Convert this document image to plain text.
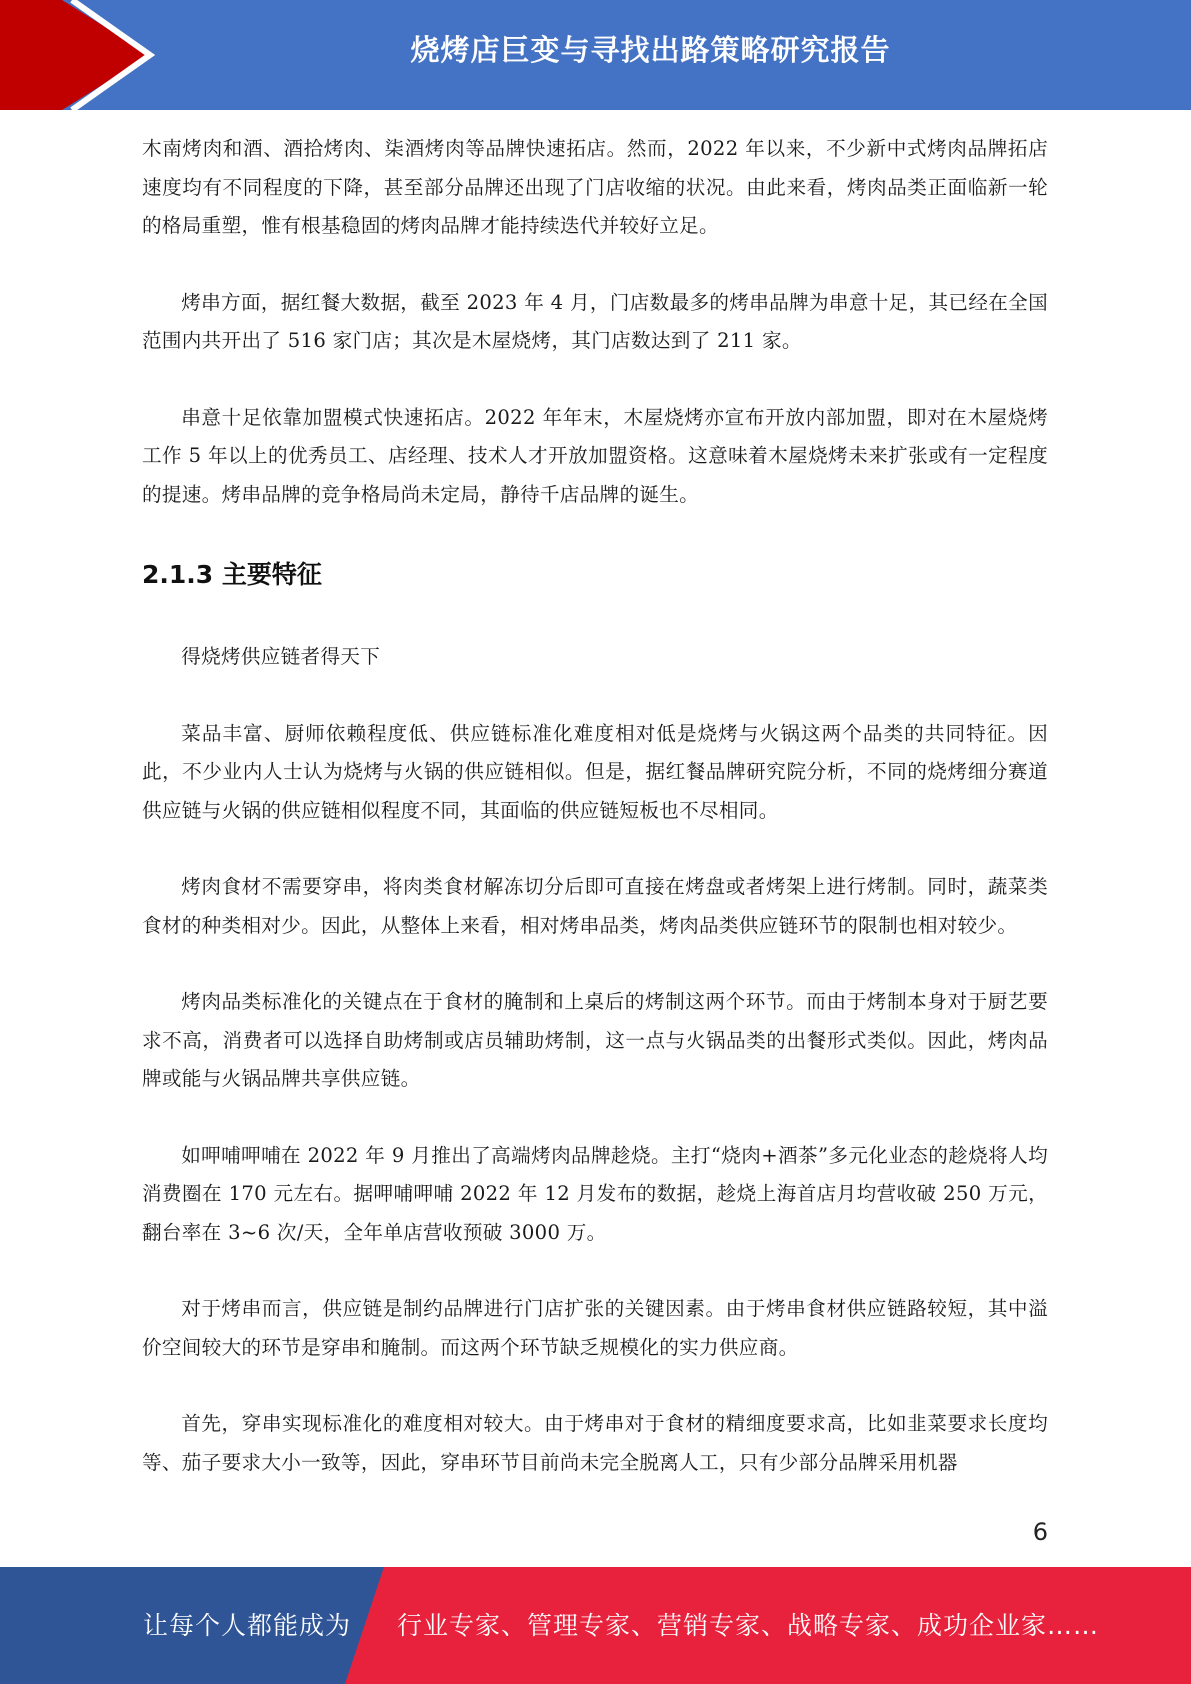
烧烤店巨变与寻找出路策略研究报告

木南烤肉和酒、酒拾烤肉、柒酒烤肉等品牌快速拓店。然而，2022 年以来，不少新中式烤肉品牌拓店速度均有不同程度的下降，甚至部分品牌还出现了门店收缩的状况。由此来看，烤肉品类正面临新一轮的格局重塑，惟有根基稳固的烤肉品牌才能持续迭代并较好立足。

烤串方面，据红餐大数据，截至 2023 年 4 月，门店数最多的烤串品牌为串意十足，其已经在全国范围内共开出了 516 家门店；其次是木屋烧烤，其门店数达到了 211 家。

串意十足依靠加盟模式快速拓店。2022 年年末，木屋烧烤亦宣布开放内部加盟，即对在木屋烧烤工作 5 年以上的优秀员工、店经理、技术人才开放加盟资格。这意味着木屋烧烤未来扩张或有一定程度的提速。烤串品牌的竞争格局尚未定局，静待千店品牌的诞生。

2.1.3 主要特征

得烧烤供应链者得天下

菜品丰富、厨师依赖程度低、供应链标准化难度相对低是烧烤与火锅这两个品类的共同特征。因此，不少业内人士认为烧烤与火锅的供应链相似。但是，据红餐品牌研究院分析，不同的烧烤细分赛道供应链与火锅的供应链相似程度不同，其面临的供应链短板也不尽相同。

烤肉食材不需要穿串，将肉类食材解冻切分后即可直接在烤盘或者烤架上进行烤制。同时，蔬菜类食材的种类相对少。因此，从整体上来看，相对烤串品类，烤肉品类供应链环节的限制也相对较少。

烤肉品类标准化的关键点在于食材的腌制和上桌后的烤制这两个环节。而由于烤制本身对于厨艺要求不高，消费者可以选择自助烤制或店员辅助烤制，这一点与火锅品类的出餐形式类似。因此，烤肉品牌或能与火锅品牌共享供应链。

如呷哺呷哺在 2022 年 9 月推出了高端烤肉品牌趁烧。主打“烧肉+酒茶”多元化业态的趁烧将人均消费圈在 170 元左右。据呷哺呷哺 2022 年 12 月发布的数据，趁烧上海首店月均营收破 250 万元，翻台率在 3~6 次/天，全年单店营收预破 3000 万。

对于烤串而言，供应链是制约品牌进行门店扩张的关键因素。由于烤串食材供应链路较短，其中溢价空间较大的环节是穿串和腌制。而这两个环节缺乏规模化的实力供应商。

首先，穿串实现标准化的难度相对较大。由于烤串对于食材的精细度要求高，比如韭菜要求长度均等、茄子要求大小一致等，因此，穿串环节目前尚未完全脱离人工，只有少部分品牌采用机器

6
让每个人都能成为 行业专家、管理专家、营销专家、战略专家、成功企业家……
